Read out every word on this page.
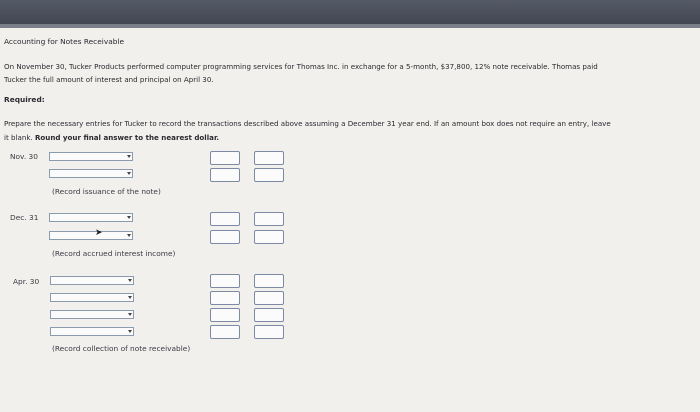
Accounting for Notes Receivable
On November 30, Tucker Products performed computer programming services for Thomas Inc. in exchange for a 5-month, $37,800, 12% note receivable. Thomas paid
Tucker the full amount of interest and principal on April 30.
Required:
Prepare the necessary entries for Tucker to record the transactions described above assuming a December 31 year end. If an amount box does not require an entry, leave
it blank. Round your final answer to the nearest dollar.
Nov. 30
(Record issuance of the note)
Dec. 31
➤
(Record accrued interest income)
Apr. 30
(Record collection of note receivable)
